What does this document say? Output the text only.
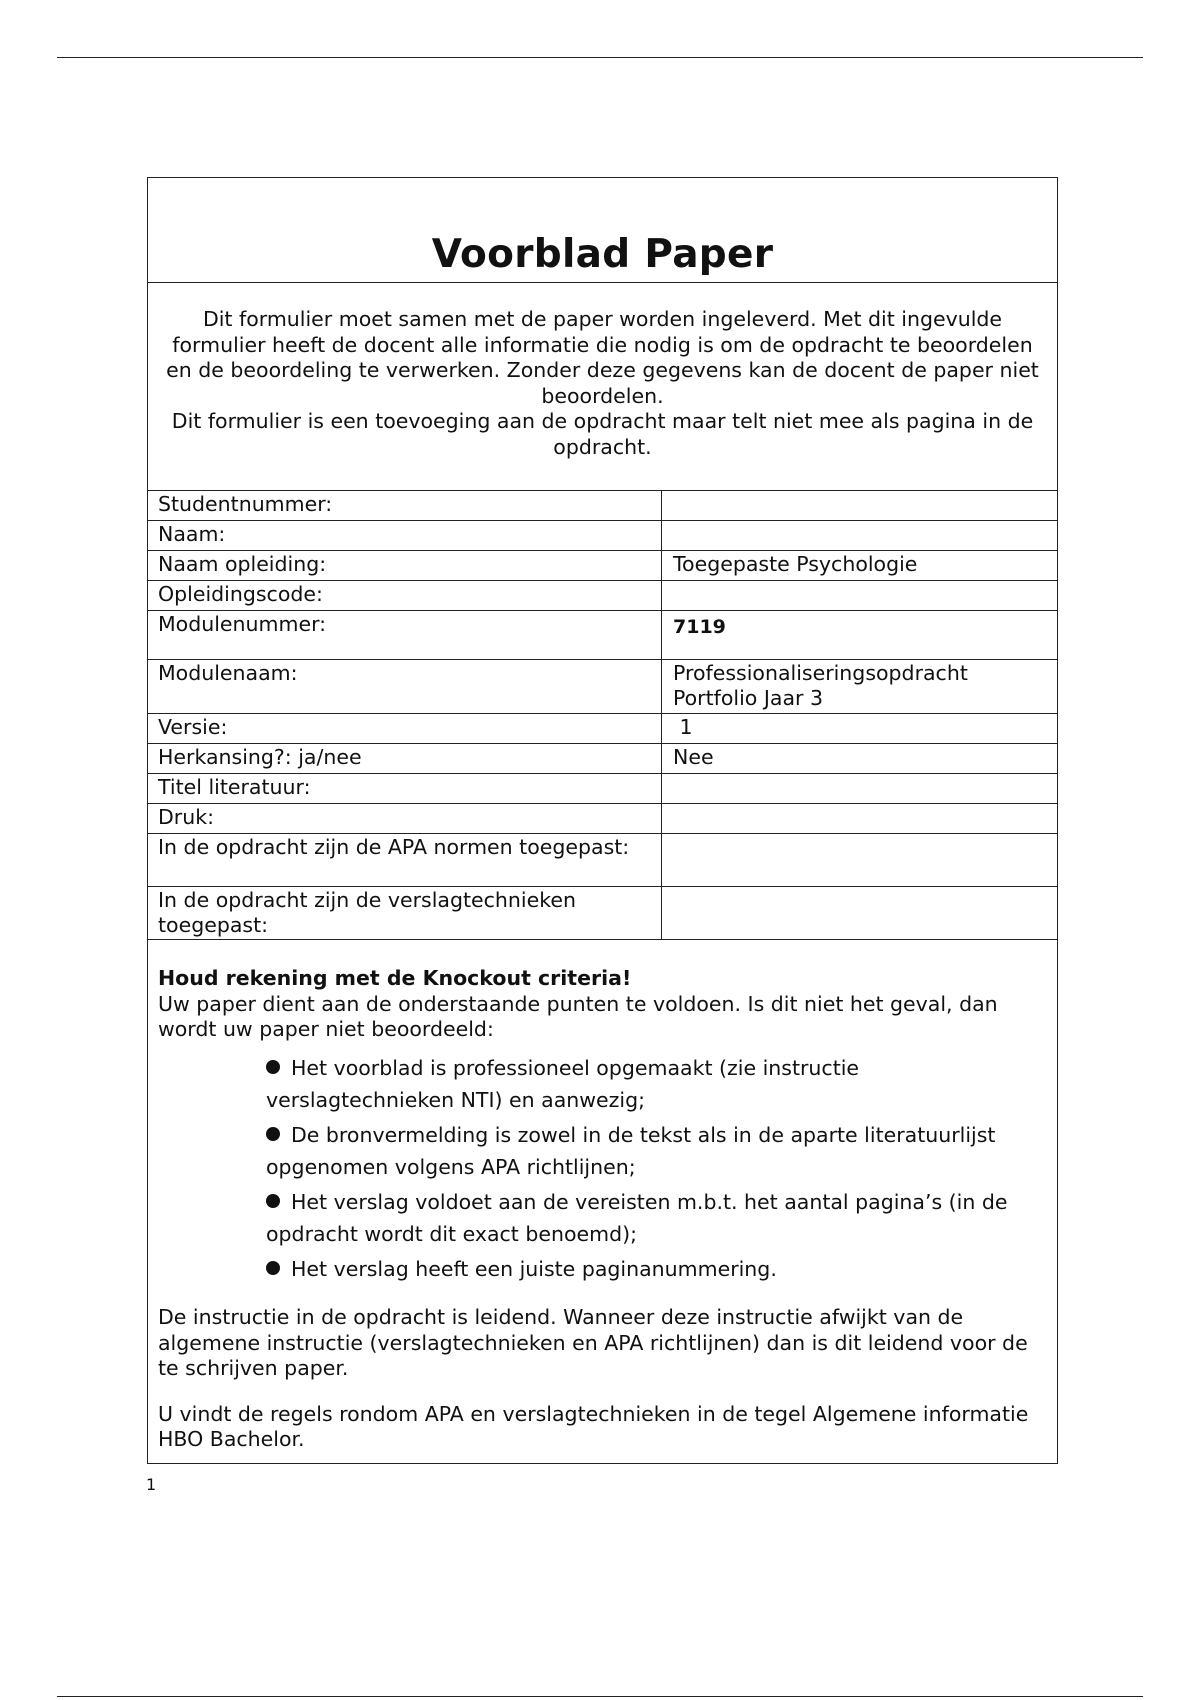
Voorblad Paper

Dit formulier moet samen met de paper worden ingeleverd. Met dit ingevulde formulier heeft de docent alle informatie die nodig is om de opdracht te beoordelen en de beoordeling te verwerken. Zonder deze gegevens kan de docent de paper niet beoordelen.

Dit formulier is een toevoeging aan de opdracht maar telt niet mee als pagina in de opdracht.

Studentnummer:
Naam:
Naam opleiding:	Toegepaste Psychologie
Opleidingscode:
Modulenummer:	7119
Modulenaam:	Professionaliseringsopdracht Portfolio Jaar 3
Versie:	1
Herkansing?: ja/nee	Nee
Titel literatuur:
Druk:
In de opdracht zijn de APA normen toegepast:
In de opdracht zijn de verslagtechnieken toegepast:

Houd rekening met de Knockout criteria!

Uw paper dient aan de onderstaande punten te voldoen. Is dit niet het geval, dan wordt uw paper niet beoordeeld:

Het voorblad is professioneel opgemaakt (zie instructie verslagtechnieken NTI) en aanwezig;
De bronvermelding is zowel in de tekst als in de aparte literatuurlijst opgenomen volgens APA richtlijnen;
Het verslag voldoet aan de vereisten m.b.t. het aantal pagina’s (in de opdracht wordt dit exact benoemd);
Het verslag heeft een juiste paginanummering.

De instructie in de opdracht is leidend. Wanneer deze instructie afwijkt van de algemene instructie (verslagtechnieken en APA richtlijnen) dan is dit leidend voor de te schrijven paper.

U vindt de regels rondom APA en verslagtechnieken in de tegel Algemene informatie HBO Bachelor.

1
